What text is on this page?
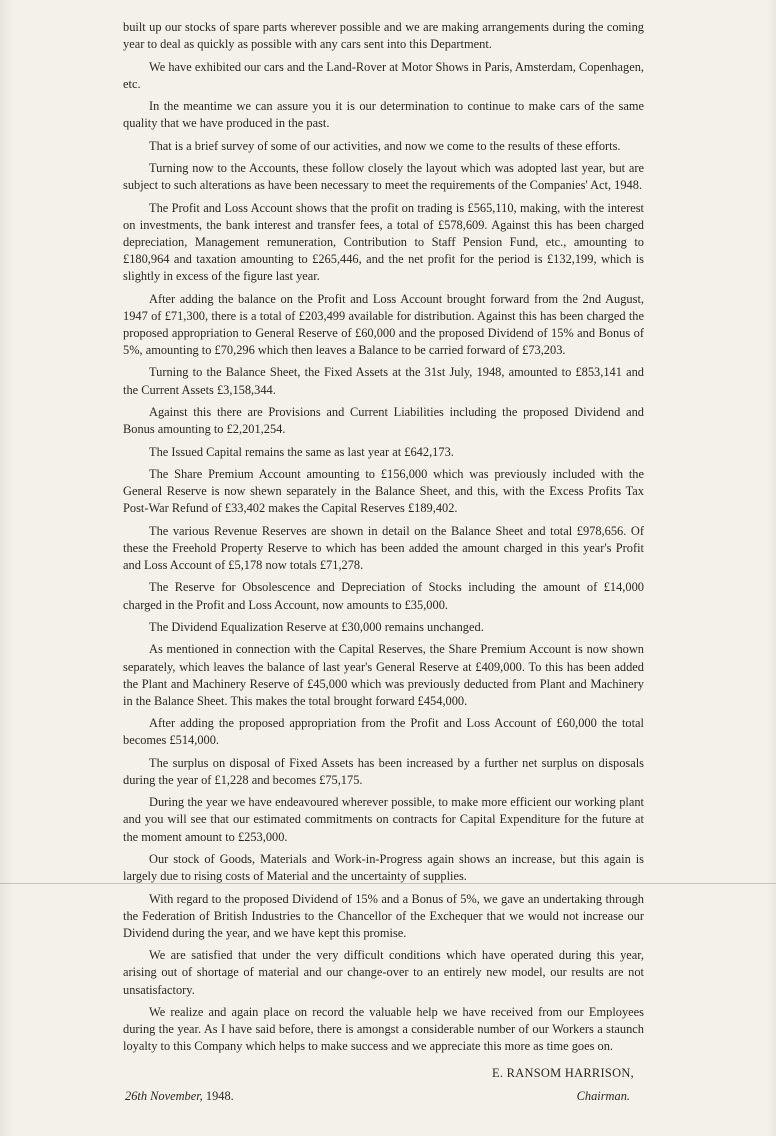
built up our stocks of spare parts wherever possible and we are making arrangements during the coming year to deal as quickly as possible with any cars sent into this Department.

We have exhibited our cars and the Land-Rover at Motor Shows in Paris, Amsterdam, Copenhagen, etc.

In the meantime we can assure you it is our determination to continue to make cars of the same quality that we have produced in the past.

That is a brief survey of some of our activities, and now we come to the results of these efforts.

Turning now to the Accounts, these follow closely the layout which was adopted last year, but are subject to such alterations as have been necessary to meet the requirements of the Companies' Act, 1948.

The Profit and Loss Account shows that the profit on trading is £565,110, making, with the interest on investments, the bank interest and transfer fees, a total of £578,609. Against this has been charged depreciation, Management remuneration, Contribution to Staff Pension Fund, etc., amounting to £180,964 and taxation amounting to £265,446, and the net profit for the period is £132,199, which is slightly in excess of the figure last year.

After adding the balance on the Profit and Loss Account brought forward from the 2nd August, 1947 of £71,300, there is a total of £203,499 available for distribution. Against this has been charged the proposed appropriation to General Reserve of £60,000 and the proposed Dividend of 15% and Bonus of 5%, amounting to £70,296 which then leaves a Balance to be carried forward of £73,203.

Turning to the Balance Sheet, the Fixed Assets at the 31st July, 1948, amounted to £853,141 and the Current Assets £3,158,344.

Against this there are Provisions and Current Liabilities including the proposed Dividend and Bonus amounting to £2,201,254.

The Issued Capital remains the same as last year at £642,173.

The Share Premium Account amounting to £156,000 which was previously included with the General Reserve is now shewn separately in the Balance Sheet, and this, with the Excess Profits Tax Post-War Refund of £33,402 makes the Capital Reserves £189,402.

The various Revenue Reserves are shown in detail on the Balance Sheet and total £978,656. Of these the Freehold Property Reserve to which has been added the amount charged in this year's Profit and Loss Account of £5,178 now totals £71,278.

The Reserve for Obsolescence and Depreciation of Stocks including the amount of £14,000 charged in the Profit and Loss Account, now amounts to £35,000.

The Dividend Equalization Reserve at £30,000 remains unchanged.

As mentioned in connection with the Capital Reserves, the Share Premium Account is now shown separately, which leaves the balance of last year's General Reserve at £409,000. To this has been added the Plant and Machinery Reserve of £45,000 which was previously deducted from Plant and Machinery in the Balance Sheet. This makes the total brought forward £454,000.

After adding the proposed appropriation from the Profit and Loss Account of £60,000 the total becomes £514,000.

The surplus on disposal of Fixed Assets has been increased by a further net surplus on disposals during the year of £1,228 and becomes £75,175.

During the year we have endeavoured wherever possible, to make more efficient our working plant and you will see that our estimated commitments on contracts for Capital Expenditure for the future at the moment amount to £253,000.

Our stock of Goods, Materials and Work-in-Progress again shows an increase, but this again is largely due to rising costs of Material and the uncertainty of supplies.

With regard to the proposed Dividend of 15% and a Bonus of 5%, we gave an undertaking through the Federation of British Industries to the Chancellor of the Exchequer that we would not increase our Dividend during the year, and we have kept this promise.

We are satisfied that under the very difficult conditions which have operated during this year, arising out of shortage of material and our change-over to an entirely new model, our results are not unsatisfactory.

We realize and again place on record the valuable help we have received from our Employees during the year. As I have said before, there is amongst a considerable number of our Workers a staunch loyalty to this Company which helps to make success and we appreciate this more as time goes on.

E. RANSOM HARRISON,
Chairman.
26th November, 1948.
